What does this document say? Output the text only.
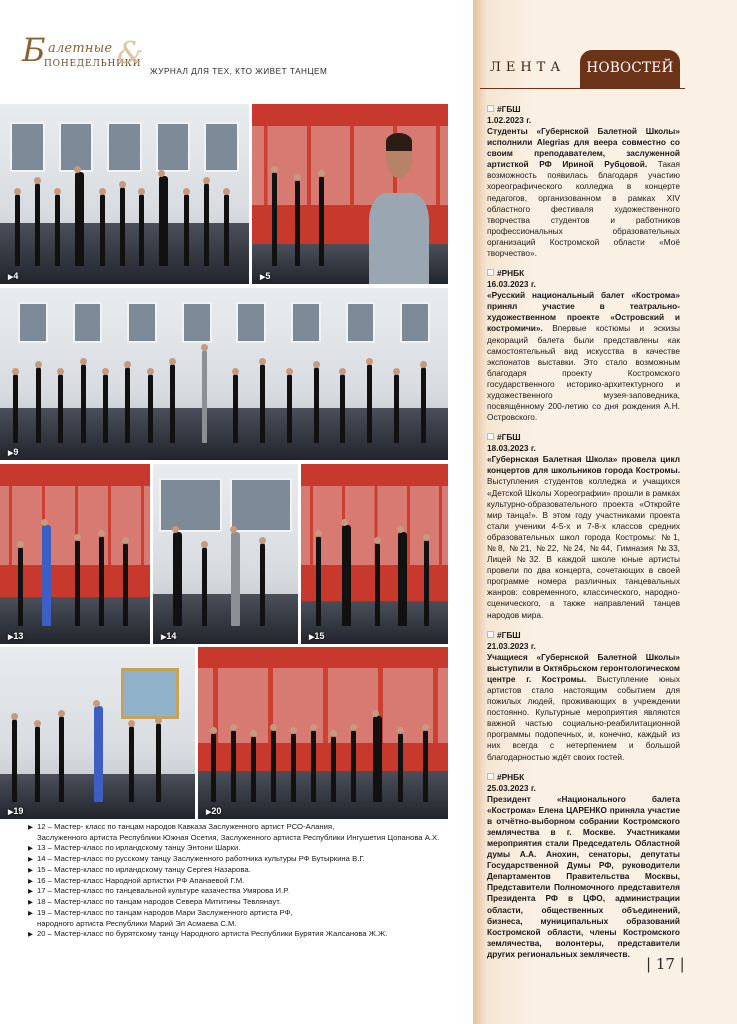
Б алетные
ПОНЕДЕЛЬНИКИ
&
ЖУРНАЛ ДЛЯ ТЕХ, КТО ЖИВЕТ ТАНЦЕМ	ЛЕНТА	НОВОСТЕЙ
#ГБШ
1.02.2023 г.
Студенты «Губернской Балетной Школы» исполнили Alegrias для веера совместно со своим преподавателем, заслуженной артисткой РФ Ириной Рубцовой. Такая возможность появилась благодаря участию хореографического колледжа в концерте педагогов, организованном в рамках XIV областного фестиваля художественного творчества студентов и работников профессиональных образовательных организаций Костромской области «Моё творчество».
#РНБК
16.03.2023 г.
«Русский национальный балет «Кострома» принял участие в театрально-художественном проекте «Островский и костромичи». Впервые костюмы и эскизы декораций балета были представлены как самостоятельный вид искусства в качестве экспонатов выставки. Это стало возможным благодаря проекту Костромского государственного историко-архитектурного и художественного музея-заповедника, посвящённому 200-летию со дня рождения А.Н. Островского.
#ГБШ
18.03.2023 г.
«Губернская Балетная Школа» провела цикл концертов для школьников города Костромы. Выступления студентов колледжа и учащихся «Детской Школы Хореографии» прошли в рамках культурно-образовательного проекта «Откройте мир танца!». В этом году участниками проекта стали ученики 4-5-х и 7-8-х классов средних образовательных школ города Костромы: №1, №8, №21, №22, №24, №44, Гимназия №33, Лицей №32. В каждой школе юные артисты провели по два концерта, сочетающих в своей программе номера различных танцевальных жанров: современного, классического, народно-сценического, а также направлений танцев народов мира.
#ГБШ
21.03.2023 г.
Учащиеся «Губернской Балетной Школы» выступили в Октябрьском геронтологическом центре г. Костромы. Выступление юных артистов стало настоящим событием для пожилых людей, проживающих в учреждении постоянно. Культурные мероприятия являются важной частью социально-реабилитационной программы подопечных, и, конечно, каждый из них всегда с нетерпением и большой благодарностью ждёт своих гостей.
#РНБК
25.03.2023 г.
Президент «Национального балета «Кострома» Елена ЦАРЕНКО приняла участие в отчётно-выборном собрании Костромского землячества в г. Москве. Участниками мероприятия стали Председатель Областной думы А.А. Анохин, сенаторы, депутаты Государственной Думы РФ, руководители Департаментов Правительства Москвы, Представители Полномочного представителя Президента РФ в ЦФО, администрации области, общественных объединений, бизнеса, муниципальных образований Костромской области, члены Костромского землячества, волонтеры, представители других региональных землячеств.
| 17 |
▶ 4	▶ 5
▶ 9
▶ 13	▶ 14	▶ 15
▶ 19	▶ 20
▶ 12 – Мастер- класс по танцам народов Кавказа Заслуженного артист РСО-Алания,
Заслуженного артиста Республики Южная Осетия, Заслуженного артиста Республики Ингушетия Цопанова А.Х.
▶ 13 – Мастер-класс по ирландскому танцу Энтони Шарки.
▶ 14 – Мастер-класс по русскому танцу Заслуженного работника культуры РФ Бутыркина В.Г.
▶ 15 – Мастер-класс по ирландскому танцу Сергея Назарова.
▶ 16 – Мастер-класс Народной артистки РФ Апанаевой Г.М.
▶ 17 – Мастер-класс по танцевальной культуре казачества Умярова И.Р.
▶ 18 – Мастер-класс по танцам народов Севера Мититины Тевлянаут.
▶ 19 – Мастер-класс по танцам народов Мари Заслуженного артиста РФ,
народного артиста Республики Марий Эл Асмаева С.М.
▶ 20 – Мастер-класс по бурятскому танцу Народного артиста Республики Бурятия Жалсанова Ж.Ж.
